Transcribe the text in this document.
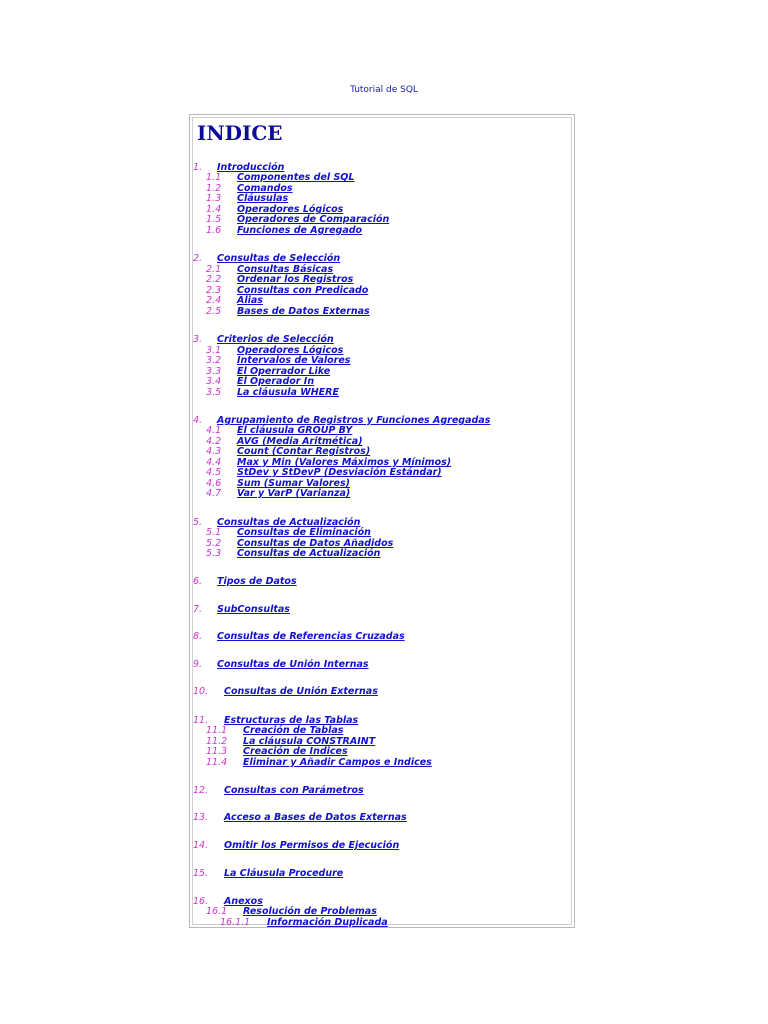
Tutorial de SQL
INDICE
1. Introducción
1.1 Componentes del SQL
1.2 Comandos
1.3 Cláusulas
1.4 Operadores Lógicos
1.5 Operadores de Comparación
1.6 Funciones de Agregado
2. Consultas de Selección
2.1 Consultas Básicas
2.2 Ordenar los Registros
2.3 Consultas con Predicado
2.4 Alias
2.5 Bases de Datos Externas
3. Criterios de Selección
3.1 Operadores Lógicos
3.2 Intervalos de Valores
3.3 El Operrador Like
3.4 El Operador In
3.5 La cláusula WHERE
4. Agrupamiento de Registros y Funciones Agregadas
4.1 El cláusula GROUP BY
4.2 AVG (Media Aritmética)
4.3 Count (Contar Registros)
4.4 Max y Min (Valores Máximos y Mínimos)
4.5 StDev y StDevP (Desviación Estándar)
4.6 Sum (Sumar Valores)
4.7 Var y VarP (Varianza)
5. Consultas de Actualización
5.1 Consultas de Eliminación
5.2 Consultas de Datos Añadidos
5.3 Consultas de Actualización
6. Tipos de Datos
7. SubConsultas
8. Consultas de Referencias Cruzadas
9. Consultas de Unión Internas
10. Consultas de Unión Externas
11. Estructuras de las Tablas
11.1 Creación de Tablas
11.2 La cláusula CONSTRAINT
11.3 Creación de Indices
11.4 Eliminar y Añadir Campos e Indices
12. Consultas con Parámetros
13. Acceso a Bases de Datos Externas
14. Omitir los Permisos de Ejecución
15. La Cláusula Procedure
16. Anexos
16.1 Resolución de Problemas
16.1.1 Información Duplicada
